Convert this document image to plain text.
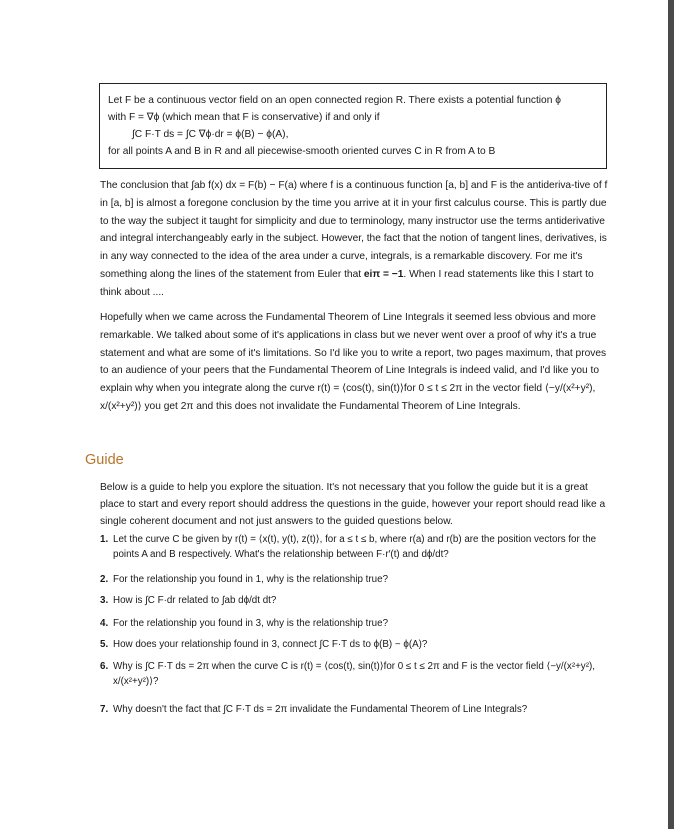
Let F be a continuous vector field on an open connected region R. There exists a potential function ϕ
with F = ∇ϕ (which mean that F is conservative) if and only if
∫C F·T ds = ∫C ∇ϕ·dr = ϕ(B) − ϕ(A),
for all points A and B in R and all piecewise-smooth oriented curves C in R from A to B
The conclusion that ∫ab f(x) dx = F(b) − F(a) where f is a continuous function [a, b] and F is the antideriva-tive of f in [a, b] is almost a foregone conclusion by the time you arrive at it in your first calculus course. This is partly due to the way the subject it taught for simplicity and due to terminology, many instructor use the terms antiderivative and integral interchangeably early in the subject. However, the fact that the notion of tangent lines, derivatives, is in any way connected to the idea of the area under a curve, integrals, is a remarkable discovery. For me it's something along the lines of the statement from Euler that eiπ = −1. When I read statements like this I start to think about ....
Hopefully when we came across the Fundamental Theorem of Line Integrals it seemed less obvious and more remarkable. We talked about some of it's applications in class but we never went over a proof of why it's a true statement and what are some of it's limitations. So I'd like you to write a report, two pages maximum, that proves to an audience of your peers that the Fundamental Theorem of Line Integrals is indeed valid, and I'd like you to explain why when you integrate along the curve r(t) = ⟨cos(t), sin(t)⟩for 0 ≤ t ≤ 2π in the vector field ⟨−y/(x²+y²), x/(x²+y²)⟩ you get 2π and this does not invalidate the Fundamental Theorem of Line Integrals.
Guide
Below is a guide to help you explore the situation. It's not necessary that you follow the guide but it is a great place to start and every report should address the questions in the guide, however your report should read like a single coherent document and not just answers to the guided questions below.
1. Let the curve C be given by r(t) = ⟨x(t), y(t), z(t)⟩, for a ≤ t ≤ b, where r(a) and r(b) are the position vectors for the points A and B respectively. What's the relationship between F·r′(t) and dϕ/dt?
2. For the relationship you found in 1, why is the relationship true?
3. How is ∫C F·dr related to ∫ab dϕ/dt dt?
4. For the relationship you found in 3, why is the relationship true?
5. How does your relationship found in 3, connect ∫C F·T ds to ϕ(B) − ϕ(A)?
6. Why is ∫C F·T ds = 2π when the curve C is r(t) = ⟨cos(t), sin(t)⟩for 0 ≤ t ≤ 2π and F is the vector field ⟨−y/(x²+y²), x/(x²+y²)⟩?
7. Why doesn't the fact that ∫C F·T ds = 2π invalidate the Fundamental Theorem of Line Integrals?
